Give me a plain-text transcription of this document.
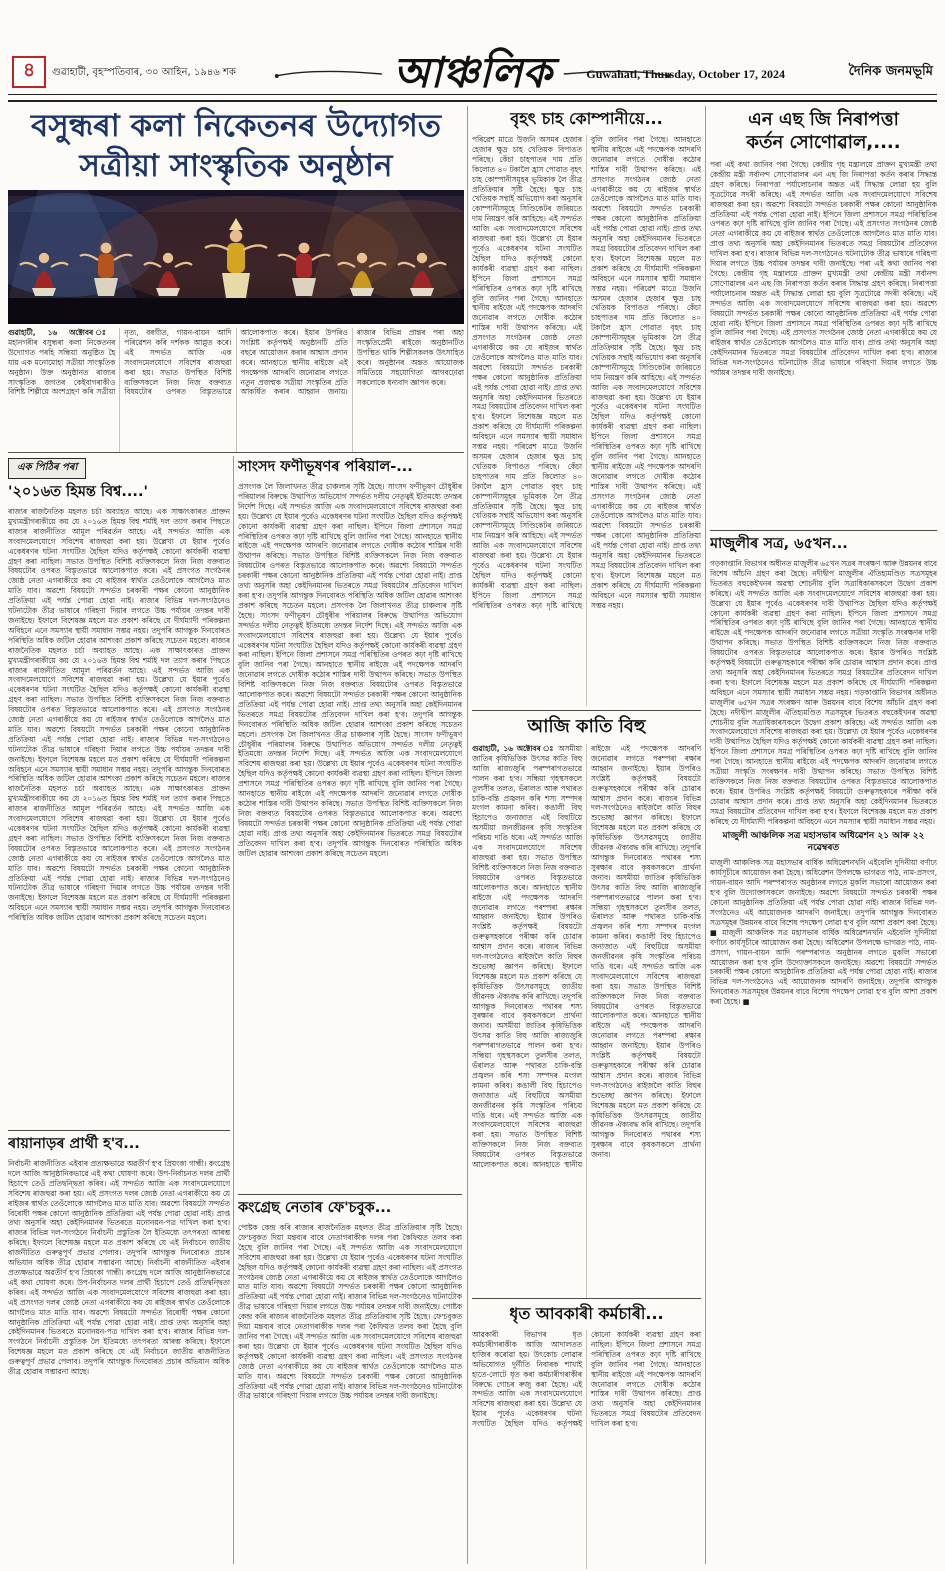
৪	গুৱাহাটী, বৃহস্পতিবাৰ, ৩০ আহিন, ১৯৪৬ শক	আঞ্চলিক	Guwahati, Thursday, October 17, 2024	দৈনিক জনমভূমি
বসুন্ধৰা কলা নিকেতনৰ উদ্যোগত
সত্ৰীয়া সাংস্কৃতিক অনুষ্ঠান

গুৱাহাটী, ১৬ অক্টোবৰ ঃ মহানগৰীৰ বসুন্ধৰা কলা নিকেতনৰ উদ্যোগত পৰহি সন্ধিয়া অনুষ্ঠিত হৈ যায় এক মনোমোহা সত্ৰীয়া সাংস্কৃতিক অনুষ্ঠান। উক্ত অনুষ্ঠানত ৰাজ্যৰ সাংস্কৃতিক জগতৰ কেইবাগৰাকীও বিশিষ্ট শিল্পীয়ে অংশগ্ৰহণ কৰি সত্ৰীয়া নৃত্য, বৰগীত, গায়ন-বায়ন আদি পৰিৱেশন কৰি দৰ্শকক আপ্লুত কৰে। এই সন্দৰ্ভত আজি এক সংবাদমেলযোগে সবিশেষ ৰাজহুৱা কৰা হয়। সভাত উপস্থিত বিশিষ্ট ব্যক্তিসকলে নিজ নিজ বক্তব্যত বিষয়টোৰ ওপৰত বিস্তৃতভাৱে আলোকপাত কৰে। ইয়াৰ উপৰিও সংশ্লিষ্ট কৰ্তৃপক্ষই অনুষ্ঠানটি প্ৰতি বছৰে আয়োজন কৰাৰ আশ্বাস প্ৰদান কৰে। আনহাতে স্থানীয় ৰাইজে এই পদক্ষেপক আদৰণি জনোৱাৰ লগতে নতুন প্ৰজন্মক সত্ৰীয়া সংস্কৃতিৰ প্ৰতি আকৰ্ষিত কৰাৰ আহ্বান জনায়। ৰাজ্যৰ বিভিন্ন প্ৰান্তৰ পৰা অহা সংস্কৃতিপ্ৰেমী ৰাইজে অনুষ্ঠানটিত উপস্থিত থাকি শিল্পীসকলক উৎসাহিত কৰে। অনুষ্ঠানৰ অন্তত আয়োজক সমিতিয়ে সহযোগিতা আগবঢ়োৱা সকলোকে ধন্যবাদ জ্ঞাপন কৰে।

এক পিঠিৰ পৰা
'২০১৬ত হিমন্ত বিশ্ব....'

ৰাজ্যৰ ৰাজনৈতিক মহলত চৰ্চা অব্যাহত আছে। এক সাক্ষাৎকাৰত প্ৰাক্তন মুখ্যমন্ত্ৰীগৰাকীয়ে কয় যে ২০১৬ত হিমন্ত বিশ্ব শৰ্মাই দল ত্যাগ কৰাৰ পিছতে ৰাজ্যৰ ৰাজনীতিত আমূল পৰিৱৰ্তন আহে। এই সন্দৰ্ভত আজি এক সংবাদমেলযোগে সবিশেষ ৰাজহুৱা কৰা হয়। উল্লেখ্য যে ইয়াৰ পূৰ্বেও একেধৰণৰ ঘটনা সংঘটিত হৈছিল যদিও কৰ্তৃপক্ষই কোনো কাৰ্যকৰী ব্যৱস্থা গ্ৰহণ কৰা নাছিল। সভাত উপস্থিত বিশিষ্ট ব্যক্তিসকলে নিজ নিজ বক্তব্যত বিষয়টোৰ ওপৰত বিস্তৃতভাৱে আলোকপাত কৰে। এই প্ৰসংগত সংগঠনৰ জ্যেষ্ঠ নেতা এগৰাকীয়ে কয় যে ৰাইজৰ স্বাৰ্থত তেওঁলোকে আগলৈও মাত মাতি যাব। অৱশ্যে বিষয়টো সন্দৰ্ভত চৰকাৰী পক্ষৰ কোনো আনুষ্ঠানিক প্ৰতিক্ৰিয়া এই পৰ্যন্ত পোৱা হোৱা নাই। ৰাজ্যৰ বিভিন্ন দল-সংগঠনেও ঘটনাটোক তীব্ৰ ভাষাৰে গৰিহণা দিয়াৰ লগতে উচ্চ পৰ্যায়ৰ তদন্তৰ দাবী জনাইছে। ইফালে বিশেষজ্ঞ মহলে মত প্ৰকাশ কৰিছে যে দীৰ্ঘম্যাদী পৰিকল্পনা অবিহনে এনে সমস্যাৰ স্থায়ী সমাধান সম্ভৱ নহয়। তদুপৰি আগন্তুক দিনবোৰত পৰিস্থিতি অধিক জটিল হোৱাৰ আশংকা প্ৰকাশ কৰিছে সচেতন মহলে। ৰাজ্যৰ ৰাজনৈতিক মহলত চৰ্চা অব্যাহত আছে। এক সাক্ষাৎকাৰত প্ৰাক্তন মুখ্যমন্ত্ৰীগৰাকীয়ে কয় যে ২০১৬ত হিমন্ত বিশ্ব শৰ্মাই দল ত্যাগ কৰাৰ পিছতে ৰাজ্যৰ ৰাজনীতিত আমূল পৰিৱৰ্তন আহে। এই সন্দৰ্ভত আজি এক সংবাদমেলযোগে সবিশেষ ৰাজহুৱা কৰা হয়। উল্লেখ্য যে ইয়াৰ পূৰ্বেও একেধৰণৰ ঘটনা সংঘটিত হৈছিল যদিও কৰ্তৃপক্ষই কোনো কাৰ্যকৰী ব্যৱস্থা গ্ৰহণ কৰা নাছিল। সভাত উপস্থিত বিশিষ্ট ব্যক্তিসকলে নিজ নিজ বক্তব্যত বিষয়টোৰ ওপৰত বিস্তৃতভাৱে আলোকপাত কৰে। এই প্ৰসংগত সংগঠনৰ জ্যেষ্ঠ নেতা এগৰাকীয়ে কয় যে ৰাইজৰ স্বাৰ্থত তেওঁলোকে আগলৈও মাত মাতি যাব। অৱশ্যে বিষয়টো সন্দৰ্ভত চৰকাৰী পক্ষৰ কোনো আনুষ্ঠানিক প্ৰতিক্ৰিয়া এই পৰ্যন্ত পোৱা হোৱা নাই। ৰাজ্যৰ বিভিন্ন দল-সংগঠনেও ঘটনাটোক তীব্ৰ ভাষাৰে গৰিহণা দিয়াৰ লগতে উচ্চ পৰ্যায়ৰ তদন্তৰ দাবী জনাইছে। ইফালে বিশেষজ্ঞ মহলে মত প্ৰকাশ কৰিছে যে দীৰ্ঘম্যাদী পৰিকল্পনা অবিহনে এনে সমস্যাৰ স্থায়ী সমাধান সম্ভৱ নহয়। তদুপৰি আগন্তুক দিনবোৰত পৰিস্থিতি অধিক জটিল হোৱাৰ আশংকা প্ৰকাশ কৰিছে সচেতন মহলে। ৰাজ্যৰ ৰাজনৈতিক মহলত চৰ্চা অব্যাহত আছে। এক সাক্ষাৎকাৰত প্ৰাক্তন মুখ্যমন্ত্ৰীগৰাকীয়ে কয় যে ২০১৬ত হিমন্ত বিশ্ব শৰ্মাই দল ত্যাগ কৰাৰ পিছতে ৰাজ্যৰ ৰাজনীতিত আমূল পৰিৱৰ্তন আহে। এই সন্দৰ্ভত আজি এক সংবাদমেলযোগে সবিশেষ ৰাজহুৱা কৰা হয়। উল্লেখ্য যে ইয়াৰ পূৰ্বেও একেধৰণৰ ঘটনা সংঘটিত হৈছিল যদিও কৰ্তৃপক্ষই কোনো কাৰ্যকৰী ব্যৱস্থা গ্ৰহণ কৰা নাছিল। সভাত উপস্থিত বিশিষ্ট ব্যক্তিসকলে নিজ নিজ বক্তব্যত বিষয়টোৰ ওপৰত বিস্তৃতভাৱে আলোকপাত কৰে। এই প্ৰসংগত সংগঠনৰ জ্যেষ্ঠ নেতা এগৰাকীয়ে কয় যে ৰাইজৰ স্বাৰ্থত তেওঁলোকে আগলৈও মাত মাতি যাব। অৱশ্যে বিষয়টো সন্দৰ্ভত চৰকাৰী পক্ষৰ কোনো আনুষ্ঠানিক প্ৰতিক্ৰিয়া এই পৰ্যন্ত পোৱা হোৱা নাই। ৰাজ্যৰ বিভিন্ন দল-সংগঠনেও ঘটনাটোক তীব্ৰ ভাষাৰে গৰিহণা দিয়াৰ লগতে উচ্চ পৰ্যায়ৰ তদন্তৰ দাবী জনাইছে। ইফালে বিশেষজ্ঞ মহলে মত প্ৰকাশ কৰিছে যে দীৰ্ঘম্যাদী পৰিকল্পনা অবিহনে এনে সমস্যাৰ স্থায়ী সমাধান সম্ভৱ নহয়। তদুপৰি আগন্তুক দিনবোৰত পৰিস্থিতি অধিক জটিল হোৱাৰ আশংকা প্ৰকাশ কৰিছে সচেতন মহলে।

ৰায়ানাড়ৰ প্ৰাৰ্থী হ'ব...

নিৰ্বাচনী ৰাজনীতিত এইবাৰ প্ৰত্যক্ষভাৱে অৱতীৰ্ণ হ'ব প্ৰিয়ংকা গান্ধী। কংগ্ৰেছ দলে আজি আনুষ্ঠানিকভাৱে এই কথা ঘোষণা কৰে। উপ-নিৰ্বাচনত দলৰ প্ৰাৰ্থী হিচাপে তেওঁ প্ৰতিদ্বন্দ্বিতা কৰিব। এই সন্দৰ্ভত আজি এক সংবাদমেলযোগে সবিশেষ ৰাজহুৱা কৰা হয়। এই প্ৰসংগত দলৰ জ্যেষ্ঠ নেতা এগৰাকীয়ে কয় যে ৰাইজৰ স্বাৰ্থত তেওঁলোকে আগলৈও মাত মাতি যাব। অৱশ্যে বিষয়টো সন্দৰ্ভত বিৰোধী পক্ষৰ কোনো আনুষ্ঠানিক প্ৰতিক্ৰিয়া এই পৰ্যন্ত পোৱা হোৱা নাই। প্ৰাপ্ত তথ্য অনুসৰি অহা কেইদিনমানৰ ভিতৰতে মনোনয়ন-পত্ৰ দাখিল কৰা হ'ব। ৰাজ্যৰ বিভিন্ন দল-সংগঠনে নিৰ্বাচনী প্ৰস্তুতিক লৈ ইতিমধ্যে তৎপৰতা আৰম্ভ কৰিছে। ইফালে বিশেষজ্ঞ মহলে মত প্ৰকাশ কৰিছে যে এই নিৰ্বাচনে জাতীয় ৰাজনীতিত গুৰুত্বপূৰ্ণ প্ৰভাৱ পেলাব। তদুপৰি আগন্তুক দিনবোৰত প্ৰচাৰ অভিযান অধিক তীব্ৰ হোৱাৰ সম্ভাৱনা আছে। নিৰ্বাচনী ৰাজনীতিত এইবাৰ প্ৰত্যক্ষভাৱে অৱতীৰ্ণ হ'ব প্ৰিয়ংকা গান্ধী। কংগ্ৰেছ দলে আজি আনুষ্ঠানিকভাৱে এই কথা ঘোষণা কৰে। উপ-নিৰ্বাচনত দলৰ প্ৰাৰ্থী হিচাপে তেওঁ প্ৰতিদ্বন্দ্বিতা কৰিব। এই সন্দৰ্ভত আজি এক সংবাদমেলযোগে সবিশেষ ৰাজহুৱা কৰা হয়। এই প্ৰসংগত দলৰ জ্যেষ্ঠ নেতা এগৰাকীয়ে কয় যে ৰাইজৰ স্বাৰ্থত তেওঁলোকে আগলৈও মাত মাতি যাব। অৱশ্যে বিষয়টো সন্দৰ্ভত বিৰোধী পক্ষৰ কোনো আনুষ্ঠানিক প্ৰতিক্ৰিয়া এই পৰ্যন্ত পোৱা হোৱা নাই। প্ৰাপ্ত তথ্য অনুসৰি অহা কেইদিনমানৰ ভিতৰতে মনোনয়ন-পত্ৰ দাখিল কৰা হ'ব। ৰাজ্যৰ বিভিন্ন দল-সংগঠনে নিৰ্বাচনী প্ৰস্তুতিক লৈ ইতিমধ্যে তৎপৰতা আৰম্ভ কৰিছে। ইফালে বিশেষজ্ঞ মহলে মত প্ৰকাশ কৰিছে যে এই নিৰ্বাচনে জাতীয় ৰাজনীতিত গুৰুত্বপূৰ্ণ প্ৰভাৱ পেলাব। তদুপৰি আগন্তুক দিনবোৰত প্ৰচাৰ অভিযান অধিক তীব্ৰ হোৱাৰ সম্ভাৱনা আছে।

সাংসদ ফণীভূষণৰ পৰিয়াল-...

প্ৰসংগক লৈ জিলাখনত তীব্ৰ চাঞ্চল্যৰ সৃষ্টি হৈছে। সাংসদ ফণীভূষণ চৌধুৰীৰ পৰিয়ালৰ বিৰুদ্ধে উত্থাপিত অভিযোগ সন্দৰ্ভত দলীয় নেতৃত্বই ইতিমধ্যে তদন্তৰ নিৰ্দেশ দিছে। এই সন্দৰ্ভত আজি এক সংবাদমেলযোগে সবিশেষ ৰাজহুৱা কৰা হয়। উল্লেখ্য যে ইয়াৰ পূৰ্বেও একেধৰণৰ ঘটনা সংঘটিত হৈছিল যদিও কৰ্তৃপক্ষই কোনো কাৰ্যকৰী ব্যৱস্থা গ্ৰহণ কৰা নাছিল। ইপিনে জিলা প্ৰশাসনে সমগ্ৰ পৰিস্থিতিৰ ওপৰত কঢ়া দৃষ্টি ৰাখিছে বুলি জানিব পৰা গৈছে। আনহাতে স্থানীয় ৰাইজে এই পদক্ষেপক আদৰণি জনোৱাৰ লগতে দোষীক কঠোৰ শাস্তিৰ দাবী উত্থাপন কৰিছে। সভাত উপস্থিত বিশিষ্ট ব্যক্তিসকলে নিজ নিজ বক্তব্যত বিষয়টোৰ ওপৰত বিস্তৃতভাৱে আলোকপাত কৰে। অৱশ্যে বিষয়টো সন্দৰ্ভত চৰকাৰী পক্ষৰ কোনো আনুষ্ঠানিক প্ৰতিক্ৰিয়া এই পৰ্যন্ত পোৱা হোৱা নাই। প্ৰাপ্ত তথ্য অনুসৰি অহা কেইদিনমানৰ ভিতৰতে সমগ্ৰ বিষয়টোৰ প্ৰতিবেদন দাখিল কৰা হ'ব। তদুপৰি আগন্তুক দিনবোৰত পৰিস্থিতি অধিক জটিল হোৱাৰ আশংকা প্ৰকাশ কৰিছে সচেতন মহলে। প্ৰসংগক লৈ জিলাখনত তীব্ৰ চাঞ্চল্যৰ সৃষ্টি হৈছে। সাংসদ ফণীভূষণ চৌধুৰীৰ পৰিয়ালৰ বিৰুদ্ধে উত্থাপিত অভিযোগ সন্দৰ্ভত দলীয় নেতৃত্বই ইতিমধ্যে তদন্তৰ নিৰ্দেশ দিছে। এই সন্দৰ্ভত আজি এক সংবাদমেলযোগে সবিশেষ ৰাজহুৱা কৰা হয়। উল্লেখ্য যে ইয়াৰ পূৰ্বেও একেধৰণৰ ঘটনা সংঘটিত হৈছিল যদিও কৰ্তৃপক্ষই কোনো কাৰ্যকৰী ব্যৱস্থা গ্ৰহণ কৰা নাছিল। ইপিনে জিলা প্ৰশাসনে সমগ্ৰ পৰিস্থিতিৰ ওপৰত কঢ়া দৃষ্টি ৰাখিছে বুলি জানিব পৰা গৈছে। আনহাতে স্থানীয় ৰাইজে এই পদক্ষেপক আদৰণি জনোৱাৰ লগতে দোষীক কঠোৰ শাস্তিৰ দাবী উত্থাপন কৰিছে। সভাত উপস্থিত বিশিষ্ট ব্যক্তিসকলে নিজ নিজ বক্তব্যত বিষয়টোৰ ওপৰত বিস্তৃতভাৱে আলোকপাত কৰে। অৱশ্যে বিষয়টো সন্দৰ্ভত চৰকাৰী পক্ষৰ কোনো আনুষ্ঠানিক প্ৰতিক্ৰিয়া এই পৰ্যন্ত পোৱা হোৱা নাই। প্ৰাপ্ত তথ্য অনুসৰি অহা কেইদিনমানৰ ভিতৰতে সমগ্ৰ বিষয়টোৰ প্ৰতিবেদন দাখিল কৰা হ'ব। তদুপৰি আগন্তুক দিনবোৰত পৰিস্থিতি অধিক জটিল হোৱাৰ আশংকা প্ৰকাশ কৰিছে সচেতন মহলে। প্ৰসংগক লৈ জিলাখনত তীব্ৰ চাঞ্চল্যৰ সৃষ্টি হৈছে। সাংসদ ফণীভূষণ চৌধুৰীৰ পৰিয়ালৰ বিৰুদ্ধে উত্থাপিত অভিযোগ সন্দৰ্ভত দলীয় নেতৃত্বই ইতিমধ্যে তদন্তৰ নিৰ্দেশ দিছে। এই সন্দৰ্ভত আজি এক সংবাদমেলযোগে সবিশেষ ৰাজহুৱা কৰা হয়। উল্লেখ্য যে ইয়াৰ পূৰ্বেও একেধৰণৰ ঘটনা সংঘটিত হৈছিল যদিও কৰ্তৃপক্ষই কোনো কাৰ্যকৰী ব্যৱস্থা গ্ৰহণ কৰা নাছিল। ইপিনে জিলা প্ৰশাসনে সমগ্ৰ পৰিস্থিতিৰ ওপৰত কঢ়া দৃষ্টি ৰাখিছে বুলি জানিব পৰা গৈছে। আনহাতে স্থানীয় ৰাইজে এই পদক্ষেপক আদৰণি জনোৱাৰ লগতে দোষীক কঠোৰ শাস্তিৰ দাবী উত্থাপন কৰিছে। সভাত উপস্থিত বিশিষ্ট ব্যক্তিসকলে নিজ নিজ বক্তব্যত বিষয়টোৰ ওপৰত বিস্তৃতভাৱে আলোকপাত কৰে। অৱশ্যে বিষয়টো সন্দৰ্ভত চৰকাৰী পক্ষৰ কোনো আনুষ্ঠানিক প্ৰতিক্ৰিয়া এই পৰ্যন্ত পোৱা হোৱা নাই। প্ৰাপ্ত তথ্য অনুসৰি অহা কেইদিনমানৰ ভিতৰতে সমগ্ৰ বিষয়টোৰ প্ৰতিবেদন দাখিল কৰা হ'ব। তদুপৰি আগন্তুক দিনবোৰত পৰিস্থিতি অধিক জটিল হোৱাৰ আশংকা প্ৰকাশ কৰিছে সচেতন মহলে।

কংগ্ৰেছ নেতাৰ ফে'চবুক...

পোষ্টক কেন্দ্ৰ কৰি ৰাজ্যৰ ৰাজনৈতিক মহলত তীব্ৰ প্ৰতিক্ৰিয়াৰ সৃষ্টি হৈছে। ফে'চবুকত দিয়া মন্তব্যৰ বাবে নেতাগৰাকীক দলৰ পৰা কৈফিয়ত তলব কৰা হৈছে বুলি জানিব পৰা গৈছে। এই সন্দৰ্ভত আজি এক সংবাদমেলযোগে সবিশেষ ৰাজহুৱা কৰা হয়। উল্লেখ্য যে ইয়াৰ পূৰ্বেও একেধৰণৰ ঘটনা সংঘটিত হৈছিল যদিও কৰ্তৃপক্ষই কোনো কাৰ্যকৰী ব্যৱস্থা গ্ৰহণ কৰা নাছিল। এই প্ৰসংগত সংগঠনৰ জ্যেষ্ঠ নেতা এগৰাকীয়ে কয় যে ৰাইজৰ স্বাৰ্থত তেওঁলোকে আগলৈও মাত মাতি যাব। অৱশ্যে বিষয়টো সন্দৰ্ভত চৰকাৰী পক্ষৰ কোনো আনুষ্ঠানিক প্ৰতিক্ৰিয়া এই পৰ্যন্ত পোৱা হোৱা নাই। ৰাজ্যৰ বিভিন্ন দল-সংগঠনেও ঘটনাটোক তীব্ৰ ভাষাৰে গৰিহণা দিয়াৰ লগতে উচ্চ পৰ্যায়ৰ তদন্তৰ দাবী জনাইছে। পোষ্টক কেন্দ্ৰ কৰি ৰাজ্যৰ ৰাজনৈতিক মহলত তীব্ৰ প্ৰতিক্ৰিয়াৰ সৃষ্টি হৈছে। ফে'চবুকত দিয়া মন্তব্যৰ বাবে নেতাগৰাকীক দলৰ পৰা কৈফিয়ত তলব কৰা হৈছে বুলি জানিব পৰা গৈছে। এই সন্দৰ্ভত আজি এক সংবাদমেলযোগে সবিশেষ ৰাজহুৱা কৰা হয়। উল্লেখ্য যে ইয়াৰ পূৰ্বেও একেধৰণৰ ঘটনা সংঘটিত হৈছিল যদিও কৰ্তৃপক্ষই কোনো কাৰ্যকৰী ব্যৱস্থা গ্ৰহণ কৰা নাছিল। এই প্ৰসংগত সংগঠনৰ জ্যেষ্ঠ নেতা এগৰাকীয়ে কয় যে ৰাইজৰ স্বাৰ্থত তেওঁলোকে আগলৈও মাত মাতি যাব। অৱশ্যে বিষয়টো সন্দৰ্ভত চৰকাৰী পক্ষৰ কোনো আনুষ্ঠানিক প্ৰতিক্ৰিয়া এই পৰ্যন্ত পোৱা হোৱা নাই। ৰাজ্যৰ বিভিন্ন দল-সংগঠনেও ঘটনাটোক তীব্ৰ ভাষাৰে গৰিহণা দিয়াৰ লগতে উচ্চ পৰ্যায়ৰ তদন্তৰ দাবী জনাইছে।

বৃহৎ চাহ কোম্পানীয়ে...

পৰিৱেশ মাত্ৰে উজনি অসমৰ হেজাৰ হেজাৰ ক্ষুদ্ৰ চাহ খেতিয়ক বিপাঙত পৰিছে। কেঁচা চাহপাতৰ দাম প্ৰতি কিলোত ৪০ টকালৈ হ্ৰাস পোৱাত বৃহৎ চাহ কোম্পানীসমূহৰ ভূমিকাক লৈ তীব্ৰ প্ৰতিক্ৰিয়াৰ সৃষ্টি হৈছে। ক্ষুদ্ৰ চাহ খেতিয়ক সন্থাই অভিযোগ কৰা অনুসৰি কোম্পানীসমূহে সিণ্ডিকেটৰ জৰিয়তে দাম নিয়ন্ত্ৰণ কৰি আহিছে। এই সন্দৰ্ভত আজি এক সংবাদমেলযোগে সবিশেষ ৰাজহুৱা কৰা হয়। উল্লেখ্য যে ইয়াৰ পূৰ্বেও একেধৰণৰ ঘটনা সংঘটিত হৈছিল যদিও কৰ্তৃপক্ষই কোনো কাৰ্যকৰী ব্যৱস্থা গ্ৰহণ কৰা নাছিল। ইপিনে জিলা প্ৰশাসনে সমগ্ৰ পৰিস্থিতিৰ ওপৰত কঢ়া দৃষ্টি ৰাখিছে বুলি জানিব পৰা গৈছে। আনহাতে স্থানীয় ৰাইজে এই পদক্ষেপক আদৰণি জনোৱাৰ লগতে দোষীক কঠোৰ শাস্তিৰ দাবী উত্থাপন কৰিছে। এই প্ৰসংগত সংগঠনৰ জ্যেষ্ঠ নেতা এগৰাকীয়ে কয় যে ৰাইজৰ স্বাৰ্থত তেওঁলোকে আগলৈও মাত মাতি যাব। অৱশ্যে বিষয়টো সন্দৰ্ভত চৰকাৰী পক্ষৰ কোনো আনুষ্ঠানিক প্ৰতিক্ৰিয়া এই পৰ্যন্ত পোৱা হোৱা নাই। প্ৰাপ্ত তথ্য অনুসৰি অহা কেইদিনমানৰ ভিতৰতে সমগ্ৰ বিষয়টোৰ প্ৰতিবেদন দাখিল কৰা হ'ব। ইফালে বিশেষজ্ঞ মহলে মত প্ৰকাশ কৰিছে যে দীৰ্ঘম্যাদী পৰিকল্পনা অবিহনে এনে সমস্যাৰ স্থায়ী সমাধান সম্ভৱ নহয়। পৰিৱেশ মাত্ৰে উজনি অসমৰ হেজাৰ হেজাৰ ক্ষুদ্ৰ চাহ খেতিয়ক বিপাঙত পৰিছে। কেঁচা চাহপাতৰ দাম প্ৰতি কিলোত ৪০ টকালৈ হ্ৰাস পোৱাত বৃহৎ চাহ কোম্পানীসমূহৰ ভূমিকাক লৈ তীব্ৰ প্ৰতিক্ৰিয়াৰ সৃষ্টি হৈছে। ক্ষুদ্ৰ চাহ খেতিয়ক সন্থাই অভিযোগ কৰা অনুসৰি কোম্পানীসমূহে সিণ্ডিকেটৰ জৰিয়তে দাম নিয়ন্ত্ৰণ কৰি আহিছে। এই সন্দৰ্ভত আজি এক সংবাদমেলযোগে সবিশেষ ৰাজহুৱা কৰা হয়। উল্লেখ্য যে ইয়াৰ পূৰ্বেও একেধৰণৰ ঘটনা সংঘটিত হৈছিল যদিও কৰ্তৃপক্ষই কোনো কাৰ্যকৰী ব্যৱস্থা গ্ৰহণ কৰা নাছিল। ইপিনে জিলা প্ৰশাসনে সমগ্ৰ পৰিস্থিতিৰ ওপৰত কঢ়া দৃষ্টি ৰাখিছে বুলি জানিব পৰা গৈছে। আনহাতে স্থানীয় ৰাইজে এই পদক্ষেপক আদৰণি জনোৱাৰ লগতে দোষীক কঠোৰ শাস্তিৰ দাবী উত্থাপন কৰিছে। এই প্ৰসংগত সংগঠনৰ জ্যেষ্ঠ নেতা এগৰাকীয়ে কয় যে ৰাইজৰ স্বাৰ্থত তেওঁলোকে আগলৈও মাত মাতি যাব। অৱশ্যে বিষয়টো সন্দৰ্ভত চৰকাৰী পক্ষৰ কোনো আনুষ্ঠানিক প্ৰতিক্ৰিয়া এই পৰ্যন্ত পোৱা হোৱা নাই। প্ৰাপ্ত তথ্য অনুসৰি অহা কেইদিনমানৰ ভিতৰতে সমগ্ৰ বিষয়টোৰ প্ৰতিবেদন দাখিল কৰা হ'ব। ইফালে বিশেষজ্ঞ মহলে মত প্ৰকাশ কৰিছে যে দীৰ্ঘম্যাদী পৰিকল্পনা অবিহনে এনে সমস্যাৰ স্থায়ী সমাধান সম্ভৱ নহয়। পৰিৱেশ মাত্ৰে উজনি অসমৰ হেজাৰ হেজাৰ ক্ষুদ্ৰ চাহ খেতিয়ক বিপাঙত পৰিছে। কেঁচা চাহপাতৰ দাম প্ৰতি কিলোত ৪০ টকালৈ হ্ৰাস পোৱাত বৃহৎ চাহ কোম্পানীসমূহৰ ভূমিকাক লৈ তীব্ৰ প্ৰতিক্ৰিয়াৰ সৃষ্টি হৈছে। ক্ষুদ্ৰ চাহ খেতিয়ক সন্থাই অভিযোগ কৰা অনুসৰি কোম্পানীসমূহে সিণ্ডিকেটৰ জৰিয়তে দাম নিয়ন্ত্ৰণ কৰি আহিছে। এই সন্দৰ্ভত আজি এক সংবাদমেলযোগে সবিশেষ ৰাজহুৱা কৰা হয়। উল্লেখ্য যে ইয়াৰ পূৰ্বেও একেধৰণৰ ঘটনা সংঘটিত হৈছিল যদিও কৰ্তৃপক্ষই কোনো কাৰ্যকৰী ব্যৱস্থা গ্ৰহণ কৰা নাছিল। ইপিনে জিলা প্ৰশাসনে সমগ্ৰ পৰিস্থিতিৰ ওপৰত কঢ়া দৃষ্টি ৰাখিছে বুলি জানিব পৰা গৈছে। আনহাতে স্থানীয় ৰাইজে এই পদক্ষেপক আদৰণি জনোৱাৰ লগতে দোষীক কঠোৰ শাস্তিৰ দাবী উত্থাপন কৰিছে। এই প্ৰসংগত সংগঠনৰ জ্যেষ্ঠ নেতা এগৰাকীয়ে কয় যে ৰাইজৰ স্বাৰ্থত তেওঁলোকে আগলৈও মাত মাতি যাব। অৱশ্যে বিষয়টো সন্দৰ্ভত চৰকাৰী পক্ষৰ কোনো আনুষ্ঠানিক প্ৰতিক্ৰিয়া এই পৰ্যন্ত পোৱা হোৱা নাই। প্ৰাপ্ত তথ্য অনুসৰি অহা কেইদিনমানৰ ভিতৰতে সমগ্ৰ বিষয়টোৰ প্ৰতিবেদন দাখিল কৰা হ'ব। ইফালে বিশেষজ্ঞ মহলে মত প্ৰকাশ কৰিছে যে দীৰ্ঘম্যাদী পৰিকল্পনা অবিহনে এনে সমস্যাৰ স্থায়ী সমাধান সম্ভৱ নহয়।

আজি কাতি বিহু

গুৱাহাটী, ১৬ অক্টোবৰ ঃ অসমীয়া জাতিৰ কৃষিভিত্তিক উৎসৱ কাতি বিহু আজি ৰাজ্যজুৰি পৰম্পৰাগতভাৱে পালন কৰা হ'ব। সন্ধিয়া গৃহস্থসকলে তুলসীৰ তলত, ভঁৰালত আৰু পথাৰত চাকি-বন্তি প্ৰজ্বলন কৰি শস্য সম্পদৰ মংগল কামনা কৰিব। কঙালী বিহু হিচাপেও জনাজাত এই বিহুটিয়ে অসমীয়া জনজীৱনৰ কৃষি সংস্কৃতিৰ পৰিচয় দাঙি ধৰে। এই সন্দৰ্ভত আজি এক সংবাদমেলযোগে সবিশেষ ৰাজহুৱা কৰা হয়। সভাত উপস্থিত বিশিষ্ট ব্যক্তিসকলে নিজ নিজ বক্তব্যত বিষয়টোৰ ওপৰত বিস্তৃতভাৱে আলোকপাত কৰে। আনহাতে স্থানীয় ৰাইজে এই পদক্ষেপক আদৰণি জনোৱাৰ লগতে পৰম্পৰা ৰক্ষাৰ আহ্বান জনাইছে। ইয়াৰ উপৰিও সংশ্লিষ্ট কৰ্তৃপক্ষই বিষয়টো গুৰুত্বসহকাৰে পৰীক্ষা কৰি চোৱাৰ আশ্বাস প্ৰদান কৰে। ৰাজ্যৰ বিভিন্ন দল-সংগঠনেও ৰাইজলৈ কাতি বিহুৰ শুভেচ্ছা জ্ঞাপন কৰিছে। ইফালে বিশেষজ্ঞ মহলে মত প্ৰকাশ কৰিছে যে কৃষিভিত্তিক উৎসৱসমূহে জাতীয় জীৱনক ঐক্যবদ্ধ কৰি ৰাখিছে। তদুপৰি আগন্তুক দিনবোৰত পথাৰৰ শস্য সুৰক্ষাৰ বাবে কৃষকসকলে প্ৰাৰ্থনা জনাব। অসমীয়া জাতিৰ কৃষিভিত্তিক উৎসৱ কাতি বিহু আজি ৰাজ্যজুৰি পৰম্পৰাগতভাৱে পালন কৰা হ'ব। সন্ধিয়া গৃহস্থসকলে তুলসীৰ তলত, ভঁৰালত আৰু পথাৰত চাকি-বন্তি প্ৰজ্বলন কৰি শস্য সম্পদৰ মংগল কামনা কৰিব। কঙালী বিহু হিচাপেও জনাজাত এই বিহুটিয়ে অসমীয়া জনজীৱনৰ কৃষি সংস্কৃতিৰ পৰিচয় দাঙি ধৰে। এই সন্দৰ্ভত আজি এক সংবাদমেলযোগে সবিশেষ ৰাজহুৱা কৰা হয়। সভাত উপস্থিত বিশিষ্ট ব্যক্তিসকলে নিজ নিজ বক্তব্যত বিষয়টোৰ ওপৰত বিস্তৃতভাৱে আলোকপাত কৰে। আনহাতে স্থানীয় ৰাইজে এই পদক্ষেপক আদৰণি জনোৱাৰ লগতে পৰম্পৰা ৰক্ষাৰ আহ্বান জনাইছে। ইয়াৰ উপৰিও সংশ্লিষ্ট কৰ্তৃপক্ষই বিষয়টো গুৰুত্বসহকাৰে পৰীক্ষা কৰি চোৱাৰ আশ্বাস প্ৰদান কৰে। ৰাজ্যৰ বিভিন্ন দল-সংগঠনেও ৰাইজলৈ কাতি বিহুৰ শুভেচ্ছা জ্ঞাপন কৰিছে। ইফালে বিশেষজ্ঞ মহলে মত প্ৰকাশ কৰিছে যে কৃষিভিত্তিক উৎসৱসমূহে জাতীয় জীৱনক ঐক্যবদ্ধ কৰি ৰাখিছে। তদুপৰি আগন্তুক দিনবোৰত পথাৰৰ শস্য সুৰক্ষাৰ বাবে কৃষকসকলে প্ৰাৰ্থনা জনাব। অসমীয়া জাতিৰ কৃষিভিত্তিক উৎসৱ কাতি বিহু আজি ৰাজ্যজুৰি পৰম্পৰাগতভাৱে পালন কৰা হ'ব। সন্ধিয়া গৃহস্থসকলে তুলসীৰ তলত, ভঁৰালত আৰু পথাৰত চাকি-বন্তি প্ৰজ্বলন কৰি শস্য সম্পদৰ মংগল কামনা কৰিব। কঙালী বিহু হিচাপেও জনাজাত এই বিহুটিয়ে অসমীয়া জনজীৱনৰ কৃষি সংস্কৃতিৰ পৰিচয় দাঙি ধৰে। এই সন্দৰ্ভত আজি এক সংবাদমেলযোগে সবিশেষ ৰাজহুৱা কৰা হয়। সভাত উপস্থিত বিশিষ্ট ব্যক্তিসকলে নিজ নিজ বক্তব্যত বিষয়টোৰ ওপৰত বিস্তৃতভাৱে আলোকপাত কৰে। আনহাতে স্থানীয় ৰাইজে এই পদক্ষেপক আদৰণি জনোৱাৰ লগতে পৰম্পৰা ৰক্ষাৰ আহ্বান জনাইছে। ইয়াৰ উপৰিও সংশ্লিষ্ট কৰ্তৃপক্ষই বিষয়টো গুৰুত্বসহকাৰে পৰীক্ষা কৰি চোৱাৰ আশ্বাস প্ৰদান কৰে। ৰাজ্যৰ বিভিন্ন দল-সংগঠনেও ৰাইজলৈ কাতি বিহুৰ শুভেচ্ছা জ্ঞাপন কৰিছে। ইফালে বিশেষজ্ঞ মহলে মত প্ৰকাশ কৰিছে যে কৃষিভিত্তিক উৎসৱসমূহে জাতীয় জীৱনক ঐক্যবদ্ধ কৰি ৰাখিছে। তদুপৰি আগন্তুক দিনবোৰত পথাৰৰ শস্য সুৰক্ষাৰ বাবে কৃষকসকলে প্ৰাৰ্থনা জনাব।

ধৃত আবকাৰী কৰ্মচাৰী...

আৱকাৰী বিভাগৰ ধৃত কৰ্মচাৰীগৰাকীক আজি আদালতত হাজিৰ কৰোৱা হয়। উৎকোচ লোৱাৰ অভিযোগত দুৰ্নীতি নিবাৰক শাখাই হাতে-লোটে ধৃত কৰা কৰ্মচাৰীগৰাকীৰ বিৰুদ্ধে গোচৰ ৰুজু কৰা হৈছে। এই সন্দৰ্ভত আজি এক সংবাদমেলযোগে সবিশেষ ৰাজহুৱা কৰা হয়। উল্লেখ্য যে ইয়াৰ পূৰ্বেও একেধৰণৰ ঘটনা সংঘটিত হৈছিল যদিও কৰ্তৃপক্ষই কোনো কাৰ্যকৰী ব্যৱস্থা গ্ৰহণ কৰা নাছিল। ইপিনে জিলা প্ৰশাসনে সমগ্ৰ পৰিস্থিতিৰ ওপৰত কঢ়া দৃষ্টি ৰাখিছে বুলি জানিব পৰা গৈছে। আনহাতে স্থানীয় ৰাইজে এই পদক্ষেপক আদৰণি জনোৱাৰ লগতে দোষীক কঠোৰ শাস্তিৰ দাবী উত্থাপন কৰিছে। প্ৰাপ্ত তথ্য অনুসৰি অহা কেইদিনমানৰ ভিতৰতে সমগ্ৰ বিষয়টোৰ প্ৰতিবেদন দাখিল কৰা হ'ব।

এন এছ জি নিৰাপত্তা
কৰ্তন সোণোৱাল,....

পৰা এই কথা জানিব পৰা গৈছে। কেন্দ্ৰীয় গৃহ মন্ত্ৰালয়ে প্ৰাক্তন মুখ্যমন্ত্ৰী তথা কেন্দ্ৰীয় মন্ত্ৰী সৰ্বানন্দ সোণোৱালৰ এন এছ জি নিৰাপত্তা কৰ্তন কৰাৰ সিদ্ধান্ত গ্ৰহণ কৰিছে। নিৰাপত্তা পৰ্যালোচনাৰ অন্তত এই সিদ্ধান্ত লোৱা হয় বুলি সূত্ৰটোৱে সদৰী কৰিছে। এই সন্দৰ্ভত আজি এক সংবাদমেলযোগে সবিশেষ ৰাজহুৱা কৰা হয়। অৱশ্যে বিষয়টো সন্দৰ্ভত চৰকাৰী পক্ষৰ কোনো আনুষ্ঠানিক প্ৰতিক্ৰিয়া এই পৰ্যন্ত পোৱা হোৱা নাই। ইপিনে জিলা প্ৰশাসনে সমগ্ৰ পৰিস্থিতিৰ ওপৰত কঢ়া দৃষ্টি ৰাখিছে বুলি জানিব পৰা গৈছে। এই প্ৰসংগত সংগঠনৰ জ্যেষ্ঠ নেতা এগৰাকীয়ে কয় যে ৰাইজৰ স্বাৰ্থত তেওঁলোকে আগলৈও মাত মাতি যাব। প্ৰাপ্ত তথ্য অনুসৰি অহা কেইদিনমানৰ ভিতৰতে সমগ্ৰ বিষয়টোৰ প্ৰতিবেদন দাখিল কৰা হ'ব। ৰাজ্যৰ বিভিন্ন দল-সংগঠনেও ঘটনাটোক তীব্ৰ ভাষাৰে গৰিহণা দিয়াৰ লগতে উচ্চ পৰ্যায়ৰ তদন্তৰ দাবী জনাইছে। পৰা এই কথা জানিব পৰা গৈছে। কেন্দ্ৰীয় গৃহ মন্ত্ৰালয়ে প্ৰাক্তন মুখ্যমন্ত্ৰী তথা কেন্দ্ৰীয় মন্ত্ৰী সৰ্বানন্দ সোণোৱালৰ এন এছ জি নিৰাপত্তা কৰ্তন কৰাৰ সিদ্ধান্ত গ্ৰহণ কৰিছে। নিৰাপত্তা পৰ্যালোচনাৰ অন্তত এই সিদ্ধান্ত লোৱা হয় বুলি সূত্ৰটোৱে সদৰী কৰিছে। এই সন্দৰ্ভত আজি এক সংবাদমেলযোগে সবিশেষ ৰাজহুৱা কৰা হয়। অৱশ্যে বিষয়টো সন্দৰ্ভত চৰকাৰী পক্ষৰ কোনো আনুষ্ঠানিক প্ৰতিক্ৰিয়া এই পৰ্যন্ত পোৱা হোৱা নাই। ইপিনে জিলা প্ৰশাসনে সমগ্ৰ পৰিস্থিতিৰ ওপৰত কঢ়া দৃষ্টি ৰাখিছে বুলি জানিব পৰা গৈছে। এই প্ৰসংগত সংগঠনৰ জ্যেষ্ঠ নেতা এগৰাকীয়ে কয় যে ৰাইজৰ স্বাৰ্থত তেওঁলোকে আগলৈও মাত মাতি যাব। প্ৰাপ্ত তথ্য অনুসৰি অহা কেইদিনমানৰ ভিতৰতে সমগ্ৰ বিষয়টোৰ প্ৰতিবেদন দাখিল কৰা হ'ব। ৰাজ্যৰ বিভিন্ন দল-সংগঠনেও ঘটনাটোক তীব্ৰ ভাষাৰে গৰিহণা দিয়াৰ লগতে উচ্চ পৰ্যায়ৰ তদন্তৰ দাবী জনাইছে।

মাজুলীৰ সত্ৰ, ৬৫খন...

গড়কাপ্তানি বিভাগৰ অধীনত মাজুলীৰ ৬৫খন সত্ৰৰ সংৰক্ষণ আৰু উন্নয়নৰ বাবে বিশেষ আঁচনি গ্ৰহণ কৰা হৈছে। নদীদ্বীপ মাজুলীৰ ঐতিহ্যমণ্ডিত সত্ৰসমূহৰ ভিতৰত বহুকেইখনৰ অৱস্থা শোচনীয় বুলি সত্ৰাধিকাৰসকলে উদ্বেগ প্ৰকাশ কৰিছে। এই সন্দৰ্ভত আজি এক সংবাদমেলযোগে সবিশেষ ৰাজহুৱা কৰা হয়। উল্লেখ্য যে ইয়াৰ পূৰ্বেও একেধৰণৰ দাবী উত্থাপিত হৈছিল যদিও কৰ্তৃপক্ষই কোনো কাৰ্যকৰী ব্যৱস্থা গ্ৰহণ কৰা নাছিল। ইপিনে জিলা প্ৰশাসনে সমগ্ৰ পৰিস্থিতিৰ ওপৰত কঢ়া দৃষ্টি ৰাখিছে বুলি জানিব পৰা গৈছে। আনহাতে স্থানীয় ৰাইজে এই পদক্ষেপক আদৰণি জনোৱাৰ লগতে সত্ৰীয়া সংস্কৃতি সংৰক্ষণৰ দাবী উত্থাপন কৰিছে। সভাত উপস্থিত বিশিষ্ট ব্যক্তিসকলে নিজ নিজ বক্তব্যত বিষয়টোৰ ওপৰত বিস্তৃতভাৱে আলোকপাত কৰে। ইয়াৰ উপৰিও সংশ্লিষ্ট কৰ্তৃপক্ষই বিষয়টো গুৰুত্বসহকাৰে পৰীক্ষা কৰি চোৱাৰ আশ্বাস প্ৰদান কৰে। প্ৰাপ্ত তথ্য অনুসৰি অহা কেইদিনমানৰ ভিতৰতে সমগ্ৰ বিষয়টোৰ প্ৰতিবেদন দাখিল কৰা হ'ব। ইফালে বিশেষজ্ঞ মহলে মত প্ৰকাশ কৰিছে যে দীৰ্ঘম্যাদী পৰিকল্পনা অবিহনে এনে সমস্যাৰ স্থায়ী সমাধান সম্ভৱ নহয়। গড়কাপ্তানি বিভাগৰ অধীনত মাজুলীৰ ৬৫খন সত্ৰৰ সংৰক্ষণ আৰু উন্নয়নৰ বাবে বিশেষ আঁচনি গ্ৰহণ কৰা হৈছে। নদীদ্বীপ মাজুলীৰ ঐতিহ্যমণ্ডিত সত্ৰসমূহৰ ভিতৰত বহুকেইখনৰ অৱস্থা শোচনীয় বুলি সত্ৰাধিকাৰসকলে উদ্বেগ প্ৰকাশ কৰিছে। এই সন্দৰ্ভত আজি এক সংবাদমেলযোগে সবিশেষ ৰাজহুৱা কৰা হয়। উল্লেখ্য যে ইয়াৰ পূৰ্বেও একেধৰণৰ দাবী উত্থাপিত হৈছিল যদিও কৰ্তৃপক্ষই কোনো কাৰ্যকৰী ব্যৱস্থা গ্ৰহণ কৰা নাছিল। ইপিনে জিলা প্ৰশাসনে সমগ্ৰ পৰিস্থিতিৰ ওপৰত কঢ়া দৃষ্টি ৰাখিছে বুলি জানিব পৰা গৈছে। আনহাতে স্থানীয় ৰাইজে এই পদক্ষেপক আদৰণি জনোৱাৰ লগতে সত্ৰীয়া সংস্কৃতি সংৰক্ষণৰ দাবী উত্থাপন কৰিছে। সভাত উপস্থিত বিশিষ্ট ব্যক্তিসকলে নিজ নিজ বক্তব্যত বিষয়টোৰ ওপৰত বিস্তৃতভাৱে আলোকপাত কৰে। ইয়াৰ উপৰিও সংশ্লিষ্ট কৰ্তৃপক্ষই বিষয়টো গুৰুত্বসহকাৰে পৰীক্ষা কৰি চোৱাৰ আশ্বাস প্ৰদান কৰে। প্ৰাপ্ত তথ্য অনুসৰি অহা কেইদিনমানৰ ভিতৰতে সমগ্ৰ বিষয়টোৰ প্ৰতিবেদন দাখিল কৰা হ'ব। ইফালে বিশেষজ্ঞ মহলে মত প্ৰকাশ কৰিছে যে দীৰ্ঘম্যাদী পৰিকল্পনা অবিহনে এনে সমস্যাৰ স্থায়ী সমাধান সম্ভৱ নহয়।

মাজুলী আঞ্চলিক সত্ৰ মহাসভাৰ অধিৱেশন ২১ আৰু ২২ নৱেম্বৰত

মাজুলী আঞ্চলিক সত্ৰ মহাসভাৰ বাৰ্ষিক অধিৱেশনখনি এইবেলি দুদিনীয়া বৰ্ণাঢ্য কাৰ্যসূচীৰে আয়োজন কৰা হৈছে। অধিৱেশন উপলক্ষে ভাগৱত পাঠ, নাম-প্ৰসংগ, গায়ন-বায়ন আদি পৰম্পৰাগত অনুষ্ঠানৰ লগতে মুকলি সভাৰো আয়োজন কৰা হ'ব বুলি উদ্যোক্তাসকলে জনাইছে। অৱশ্যে বিষয়টো সন্দৰ্ভত চৰকাৰী পক্ষৰ কোনো আনুষ্ঠানিক প্ৰতিক্ৰিয়া এই পৰ্যন্ত পোৱা হোৱা নাই। ৰাজ্যৰ বিভিন্ন দল-সংগঠনেও এই আয়োজনক আদৰণি জনাইছে। তদুপৰি আগন্তুক দিনবোৰত সত্ৰসমূহৰ উন্নয়নৰ বাবে বিশেষ পদক্ষেপ লোৱা হ'ব বুলি আশা প্ৰকাশ কৰা হৈছে। ■ মাজুলী আঞ্চলিক সত্ৰ মহাসভাৰ বাৰ্ষিক অধিৱেশনখনি এইবেলি দুদিনীয়া বৰ্ণাঢ্য কাৰ্যসূচীৰে আয়োজন কৰা হৈছে। অধিৱেশন উপলক্ষে ভাগৱত পাঠ, নাম-প্ৰসংগ, গায়ন-বায়ন আদি পৰম্পৰাগত অনুষ্ঠানৰ লগতে মুকলি সভাৰো আয়োজন কৰা হ'ব বুলি উদ্যোক্তাসকলে জনাইছে। অৱশ্যে বিষয়টো সন্দৰ্ভত চৰকাৰী পক্ষৰ কোনো আনুষ্ঠানিক প্ৰতিক্ৰিয়া এই পৰ্যন্ত পোৱা হোৱা নাই। ৰাজ্যৰ বিভিন্ন দল-সংগঠনেও এই আয়োজনক আদৰণি জনাইছে। তদুপৰি আগন্তুক দিনবোৰত সত্ৰসমূহৰ উন্নয়নৰ বাবে বিশেষ পদক্ষেপ লোৱা হ'ব বুলি আশা প্ৰকাশ কৰা হৈছে। ■
